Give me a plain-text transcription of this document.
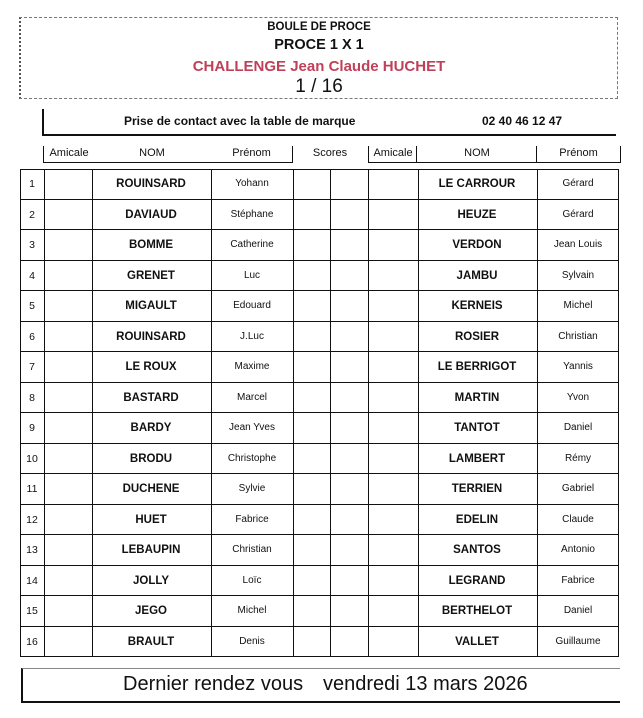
BOULE DE PROCE
PROCE 1 X 1
CHALLENGE Jean Claude HUCHET
1 / 16
Prise de contact avec la table de marque	02 40 46 12 47
Amicale	NOM	Prénom	Scores	Amicale	NOM	Prénom
1	ROUINSARD	Yohann	LE CARROUR	Gérard
2	DAVIAUD	Stéphane	HEUZE	Gérard
3	BOMME	Catherine	VERDON	Jean Louis
4	GRENET	Luc	JAMBU	Sylvain
5	MIGAULT	Edouard	KERNEIS	Michel
6	ROUINSARD	J.Luc	ROSIER	Christian
7	LE ROUX	Maxime	LE BERRIGOT	Yannis
8	BASTARD	Marcel	MARTIN	Yvon
9	BARDY	Jean Yves	TANTOT	Daniel
10	BRODU	Christophe	LAMBERT	Rémy
11	DUCHENE	Sylvie	TERRIEN	Gabriel
12	HUET	Fabrice	EDELIN	Claude
13	LEBAUPIN	Christian	SANTOS	Antonio
14	JOLLY	Loïc	LEGRAND	Fabrice
15	JEGO	Michel	BERTHELOT	Daniel
16	BRAULT	Denis	VALLET	Guillaume
Dernier rendez vous vendredi 13 mars 2026
